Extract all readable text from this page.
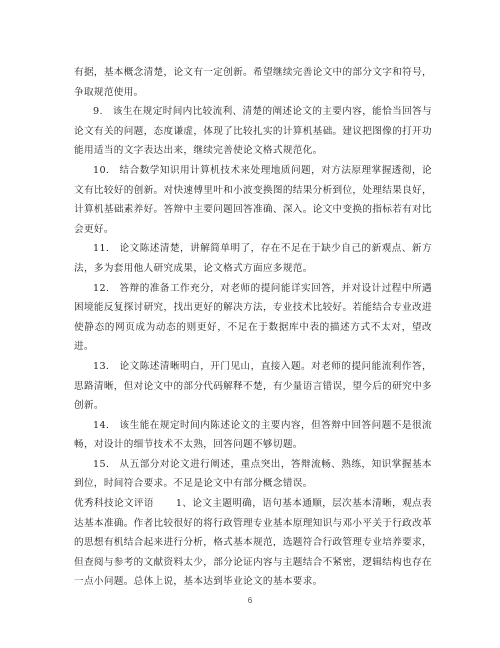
有据，基本概念清楚，论文有一定创新。希望继续完善论文中的部分文字和符号，争取规范使用。

9.　该生在规定时间内比较流利、清楚的阐述论文的主要内容，能恰当回答与论文有关的问题，态度谦虚，体现了比较扎实的计算机基础。建议把图像的打开功能用适当的文字表达出来，继续完善使论文格式规范化。

10.　结合数学知识用计算机技术来处理地质问题，对方法原理掌握透彻，论文有比较好的创新。对快速傅里叶和小波变换图的结果分析到位，处理结果良好，计算机基础素养好。答辩中主要问题回答准确、深入。论文中变换的指标若有对比会更好。

11.　论文陈述清楚，讲解简单明了，存在不足在于缺少自己的新观点、新方法，多为套用他人研究成果，论文格式方面应多规范。

12.　答辩的准备工作充分，对老师的提问能详实回答，并对设计过程中所遇困境能反复探讨研究，找出更好的解决方法，专业技术比较好。若能结合专业改进使静态的网页成为动态的则更好，不足在于数据库中表的描述方式不太对，望改进。

13.　论文陈述清晰明白，开门见山，直接入题。对老师的提问能流利作答，思路清晰，但对论文中的部分代码解释不楚，有少量语言错误，望今后的研究中多创新。

14.　该生能在规定时间内陈述论文的主要内容，但答辩中回答问题不是很流畅，对设计的细节技术不太熟，回答问题不够切题。

15.　从五部分对论文进行阐述，重点突出，答辩流畅、熟练，知识掌握基本到位，时间符合要求。不足是论文中有部分概念错误。

优秀科技论文评语 1、论文主题明确，语句基本通顺，层次基本清晰，观点表达基本准确。作者比较很好的将行政管理专业基本原理知识与邓小平关于行政改革的思想有机结合起来进行分析，格式基本规范，选题符合行政管理专业培养要求，但查阅与参考的文献资料太少，部分论证内容与主题结合不紧密，逻辑结构也存在一点小问题。总体上说，基本达到毕业论文的基本要求。

6
